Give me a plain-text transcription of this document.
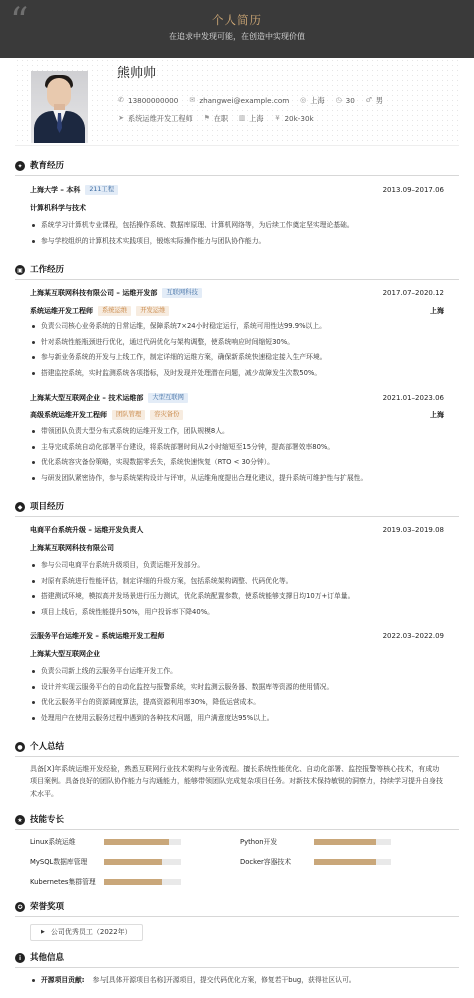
“	个人简历
在追求中发现可能，在创造中实现价值
熊帅帅
✆ 13800000000 ✉ zhangwei@example.com ◎ 上海 ◷ 30 ♂ 男
➤ 系统运维开发工程师 ⚑ 在职 ▥ 上海 ¥ 20k-30k
✦ 教育经历
上海大学 – 本科	211工程	2013.09–2017.06
计算机科学与技术
系统学习计算机专业课程，包括操作系统、数据库原理、计算机网络等，为后续工作奠定坚实理论基础。
参与学校组织的计算机技术实践项目，锻炼实际操作能力与团队协作能力。
▣ 工作经历
上海某互联网科技有限公司 – 运维开发部	互联网科技	2017.07–2020.12
系统运维开发工程师	系统运维	开发运维	上海
负责公司核心业务系统的日常运维，保障系统7×24小时稳定运行，系统可用性达99.9%以上。
针对系统性能瓶颈进行优化，通过代码优化与架构调整，使系统响应时间缩短30%。
参与新业务系统的开发与上线工作，制定详细的运维方案，确保新系统快速稳定接入生产环境。
搭建监控系统，实时监测系统各项指标，及时发现并处理潜在问题，减少故障发生次数50%。
上海某大型互联网企业 – 技术运维部	大型互联网	2021.01–2023.06
高级系统运维开发工程师	团队管理	容灾备份	上海
带领团队负责大型分布式系统的运维开发工作，团队规模8人。
主导完成系统自动化部署平台建设，将系统部署时间从2小时缩短至15分钟，提高部署效率80%。
优化系统容灾备份策略，实现数据零丢失，系统快速恢复（RTO < 30分钟）。
与研发团队紧密协作，参与系统架构设计与评审，从运维角度提出合理化建议，提升系统可维护性与扩展性。
◆ 项目经历
电商平台系统升级 – 运维开发负责人	2019.03–2019.08
上海某互联网科技有限公司
参与公司电商平台系统升级项目，负责运维开发部分。
对原有系统进行性能评估，制定详细的升级方案，包括系统架构调整、代码优化等。
搭建测试环境，模拟高并发场景进行压力测试，优化系统配置参数，使系统能够支撑日均10万+订单量。
项目上线后，系统性能提升50%，用户投诉率下降40%。
云服务平台运维开发 – 系统运维开发工程师	2022.03–2022.09
上海某大型互联网企业
负责公司新上线的云服务平台运维开发工作。
设计并实现云服务平台的自动化监控与报警系统，实时监测云服务器、数据库等资源的使用情况。
优化云服务平台的资源调度算法，提高资源利用率30%，降低运营成本。
处理用户在使用云服务过程中遇到的各种技术问题，用户满意度达95%以上。
● 个人总结
具备[X]年系统运维开发经验，熟悉互联网行业技术架构与业务流程。擅长系统性能优化、自动化部署、监控报警等核心技术，有成功项目案例。具备良好的团队协作能力与沟通能力，能够带领团队完成复杂项目任务。对新技术保持敏锐的洞察力，持续学习提升自身技术水平。
★ 技能专长
Linux系统运维	Python开发
MySQL数据库管理	Docker容器技术
Kubernetes集群管理
✪ 荣誉奖项
▶ 公司优秀员工（2022年）
i	其他信息
开源项目贡献: 参与[具体开源项目名称]开源项目，提交代码优化方案，修复若干bug，获得社区认可。
